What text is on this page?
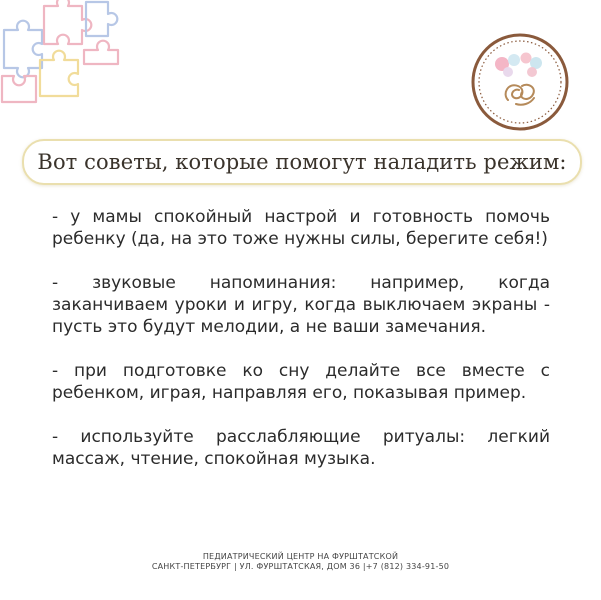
Вот советы, которые помогут наладить режим:

- у мамы спокойный настрой и готовность помочь ребенку (да, на это тоже нужны силы, берегите себя!)

- звуковые напоминания: например, когда заканчиваем уроки и игру, когда выключаем экраны - пусть это будут мелодии, а не ваши замечания.

- при подготовке ко сну делайте все вместе с ребенком, играя, направляя его, показывая пример.

- используйте расслабляющие ритуалы: легкий массаж, чтение, спокойная музыка.

ПЕДИАТРИЧЕСКИЙ ЦЕНТР НА ФУРШТАТСКОЙ
САНКТ-ПЕТЕРБУРГ | УЛ. ФУРШТАТСКАЯ, ДОМ 36 |+7 (812) 334-91-50
